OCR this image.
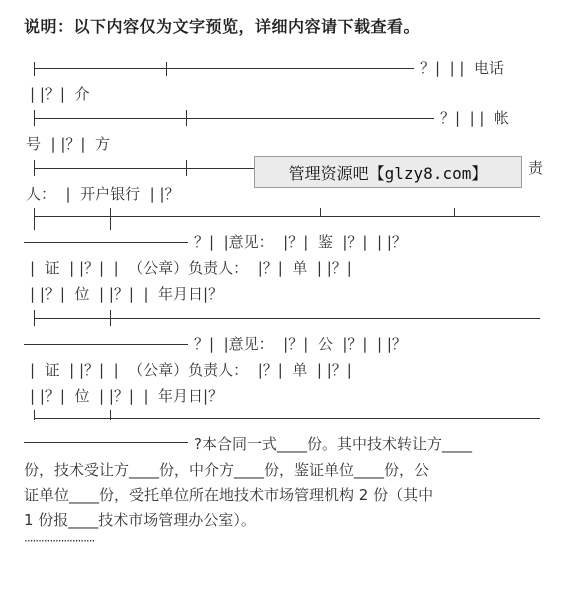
说明：以下内容仅为文字预览，详细内容请下载查看。
？|  | |  电话
| |？|  介
？|  | |  帐
号  | |？|  方
责
人：  |  开户银行  | |？
管理资源吧【glzy8.com】
？|  |意见：  |？|  鉴  |？|  | |？
|  证  | |？|  |  （公章）负责人：  |？|  单  | |？|
| |？|  位  | |？|  |  年月日|？
？|  |意见：  |？|  公  |？|  | |？
|  证  | |？|  |  （公章）负责人：  |？|  单  | |？|
| |？|  位  | |？|  |  年月日|？
?本合同一式____份。其中技术转让方____
份，技术受让方____份，中介方____份，鉴证单位____份，公
证单位____份，受托单位所在地技术市场管理机构 2 份（其中
1 份报____技术市场管理办公室）。
·························
